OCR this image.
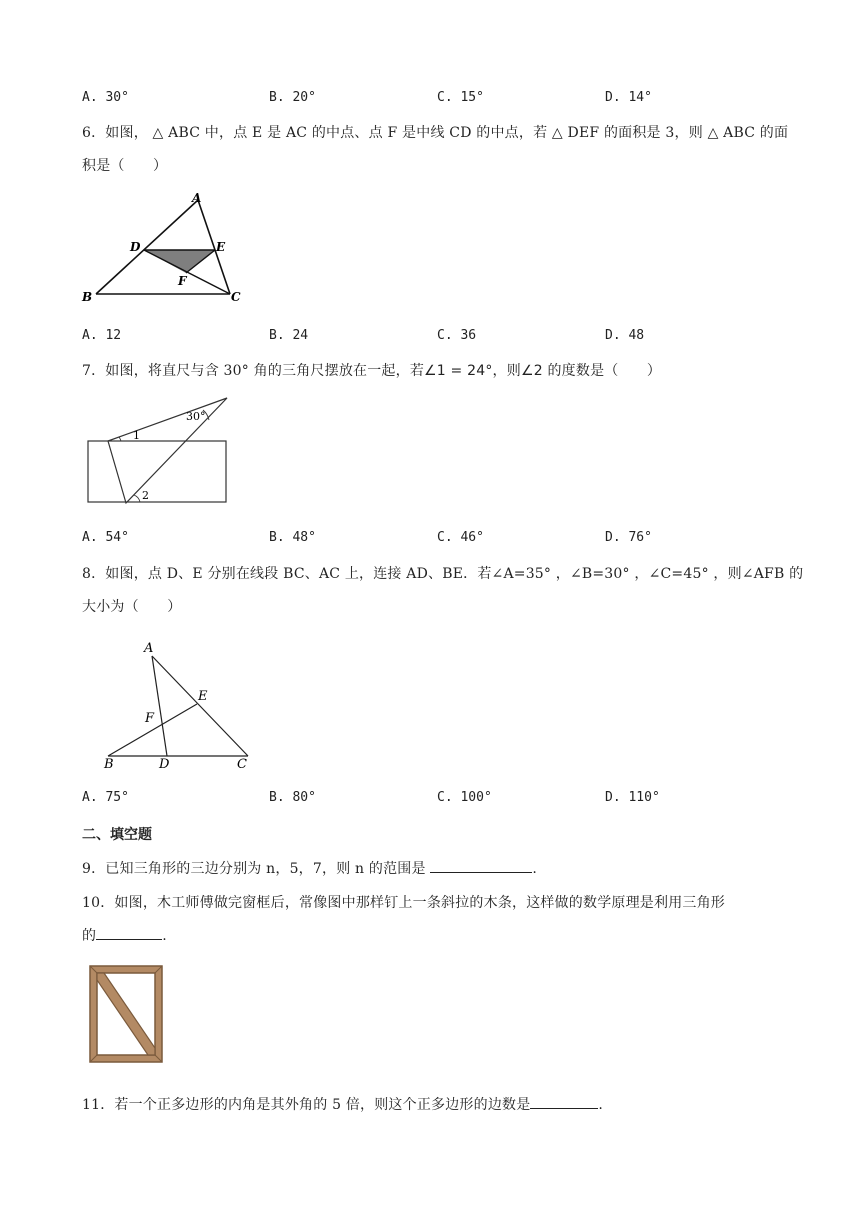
A. 30°	B. 20°	C. 15°	D. 14°
6．如图， △ ABC 中，点 E 是 AC 的中点、点 F 是中线 CD 的中点，若 △ DEF 的面积是 3，则 △ ABC 的面
积是（　　）
A
B	C
D	E
F
A. 12	B. 24	C. 36	D. 48
7．如图，将直尺与含 30° 角的三角尺摆放在一起，若∠1 = 24°，则∠2 的度数是（　　）
30°
1
2
A. 54°	B. 48°	C. 46°	D. 76°
8．如图，点 D、E 分别在线段 BC、AC 上，连接 AD、BE．若∠A=35° ，∠B=30° ，∠C=45° ，则∠AFB 的
大小为（　　）
A
B	C
D
E
F
A. 75°	B. 80°	C. 100°	D. 110°
二、填空题
9．已知三角形的三边分别为 n，5，7，则 n 的范围是	.
10．如图，木工师傅做完窗框后，常像图中那样钉上一条斜拉的木条，这样做的数学原理是利用三角形
的	.
11．若一个正多边形的内角是其外角的 5 倍，则这个正多边形的边数是	.
